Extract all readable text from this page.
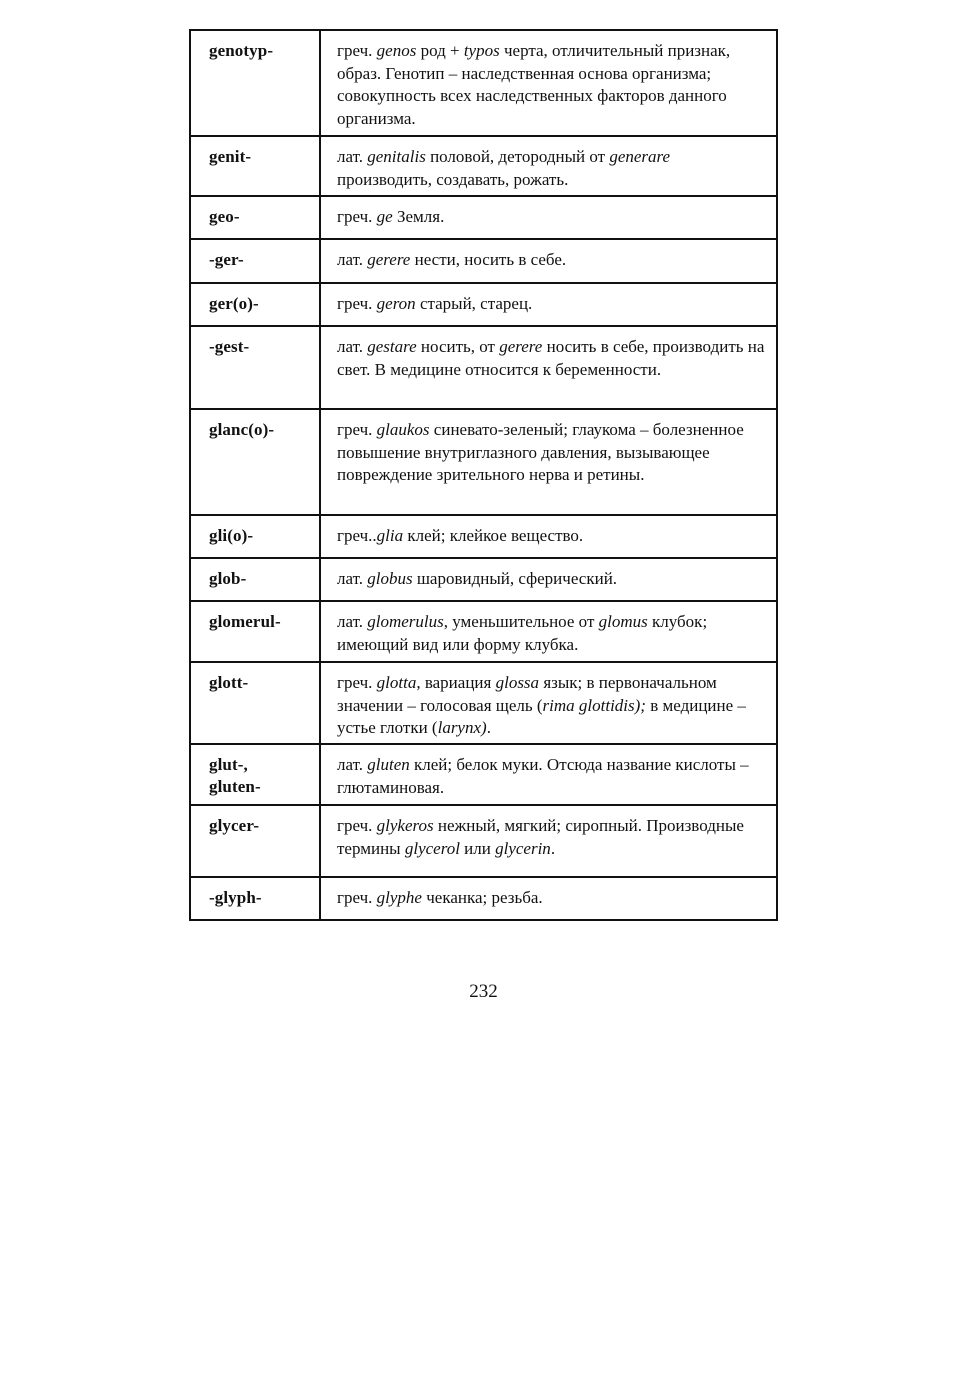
genotyp-	греч. genos род + typos черта, отличительный признак, образ. Генотип – наследственная основа организма; совокупность всех наследственных факторов данного организма.

genit-	лат. genitalis половой, детородный от generare производить, создавать, рожать.

geo-	греч. ge Земля.

-ger-	лат. gerere нести, носить в себе.

ger(o)-	греч. geron старый, старец.

-gest-	лат. gestare носить, от gerere носить в себе, производить на свет. В медицине относится к беременности.

glanc(o)-	греч. glaukos синевато-зеленый; глаукома – болезненное повышение внутриглазного давления, вызывающее повреждение зрительного нерва и ретины.

gli(o)-	греч..glia клей; клейкое вещество.

glob-	лат. globus шаровидный, сферический.

glomerul-	лат. glomerulus, уменьшительное от glomus клубок; имеющий вид или форму клубка.

glott-	греч. glotta, вариация glossa язык; в первоначальном значении – голосовая щель (rima glottidis); в медицине – устье глотки (larynx).

glut-, gluten-	лат. gluten клей; белок муки. Отсюда название кислоты – глютаминовая.

glycer-	греч. glykeros нежный, мягкий; сиропный. Производные термины glycerol или glycerin.

-glyph-	греч. glyphe чеканка; резьба.
232
